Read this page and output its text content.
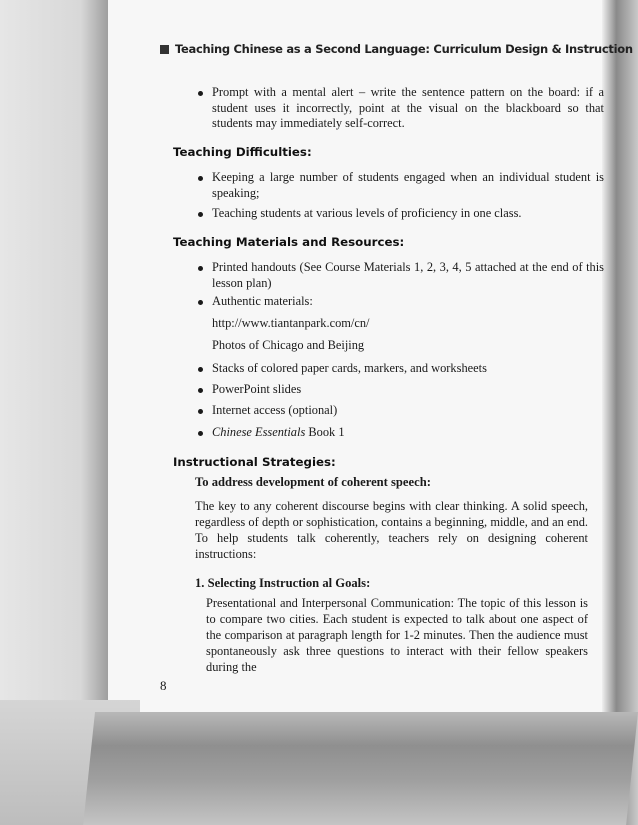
Teaching Chinese as a Second Language: Curriculum Design & Instruction
Prompt with a mental alert – write the sentence pattern on the board: if a student uses it incorrectly, point at the visual on the blackboard so that students may immediately self-correct.
Teaching Difficulties:
Keeping a large number of students engaged when an individual student is speaking;
Teaching students at various levels of proficiency in one class.
Teaching Materials and Resources:
Printed handouts (See Course Materials 1, 2, 3, 4, 5 attached at the end of this lesson plan)
Authentic materials:
http://www.tiantanpark.com/cn/
Photos of Chicago and Beijing
Stacks of colored paper cards, markers, and worksheets
PowerPoint slides
Internet access (optional)
Chinese Essentials Book 1
Instructional Strategies:
To address development of coherent speech:
The key to any coherent discourse begins with clear thinking. A solid speech, regardless of depth or sophistication, contains a beginning, middle, and an end. To help students talk coherently, teachers rely on designing coherent instructions:
1. Selecting Instruction al Goals:
Presentational and Interpersonal Communication: The topic of this lesson is to compare two cities. Each student is expected to talk about one aspect of the comparison at paragraph length for 1-2 minutes. Then the audience must spontaneously ask three questions to interact with their fellow speakers during the
8
